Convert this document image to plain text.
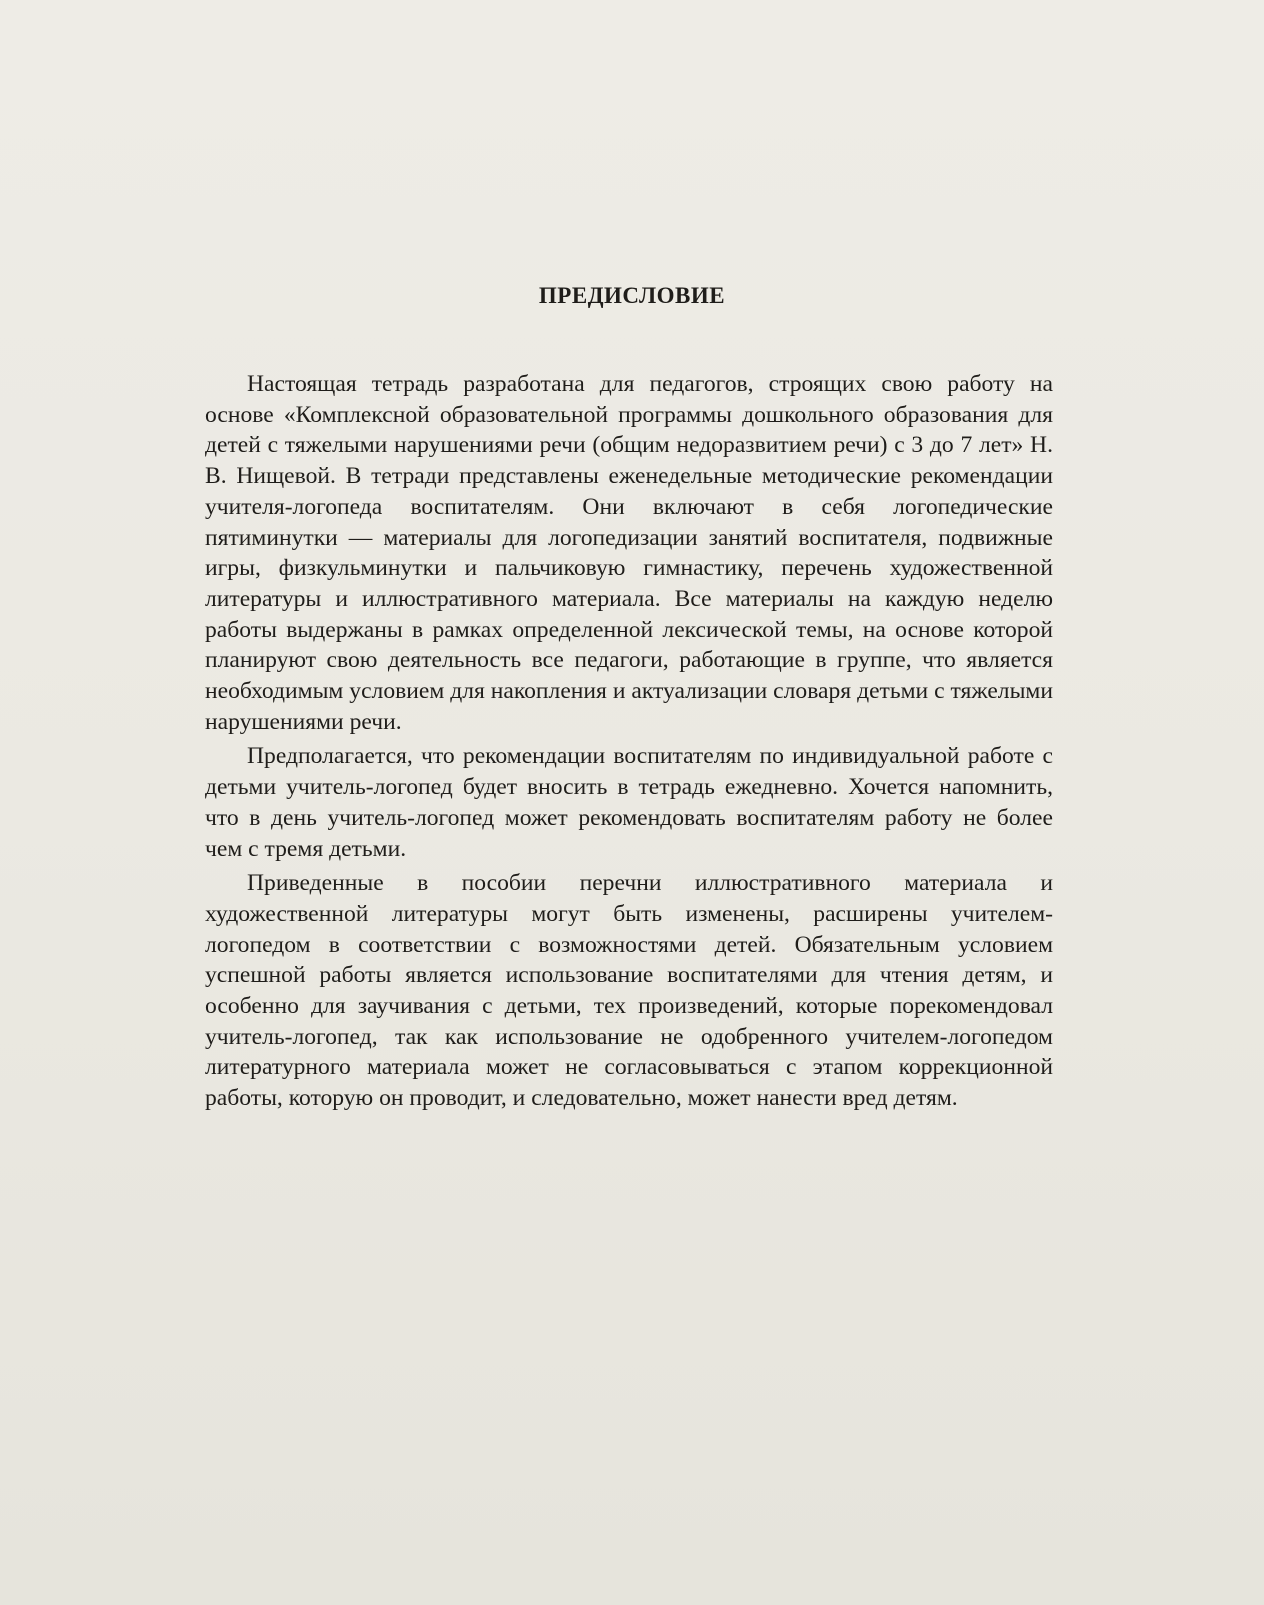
ПРЕДИСЛОВИЕ

Настоящая тетрадь разработана для педагогов, строящих свою работу на основе «Комплексной образовательной программы дошкольного образования для детей с тяжелыми нарушениями речи (общим недоразвитием речи) с 3 до 7 лет» Н. В. Нищевой. В тетради представлены еженедельные методические рекомендации учителя-логопеда воспитателям. Они включают в себя логопедические пятиминутки — материалы для логопедизации занятий воспитателя, подвижные игры, физкульминутки и пальчиковую гимнастику, перечень художественной литературы и иллюстративного материала. Все материалы на каждую неделю работы выдержаны в рамках определенной лексической темы, на основе которой планируют свою деятельность все педагоги, работающие в группе, что является необходимым условием для накопления и актуализации словаря детьми с тяжелыми нарушениями речи.

Предполагается, что рекомендации воспитателям по индивидуальной работе с детьми учитель-логопед будет вносить в тетрадь ежедневно. Хочется напомнить, что в день учитель-логопед может рекомендовать воспитателям работу не более чем с тремя детьми.

Приведенные в пособии перечни иллюстративного материала и художественной литературы могут быть изменены, расширены учителем-логопедом в соответствии с возможностями детей. Обязательным условием успешной работы является использование воспитателями для чтения детям, и особенно для заучивания с детьми, тех произведений, которые порекомендовал учитель-логопед, так как использование не одобренного учителем-логопедом литературного материала может не согласовываться с этапом коррекционной работы, которую он проводит, и следовательно, может нанести вред детям.
